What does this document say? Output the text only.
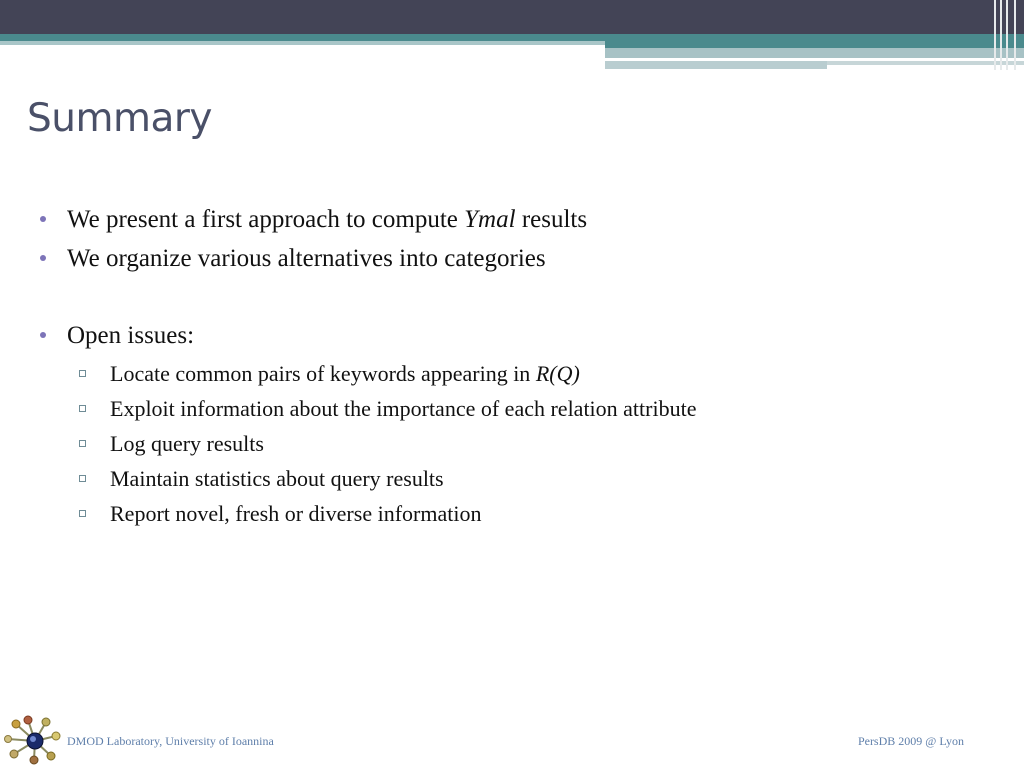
Summary
We present a first approach to compute Ymal results
We organize various alternatives into categories
Open issues:
Locate common pairs of keywords appearing in R(Q)
Exploit information about the importance of each relation attribute
Log query results
Maintain statistics about query results
Report novel, fresh or diverse information
DMOD Laboratory, University of Ioannina	PersDB 2009 @ Lyon
